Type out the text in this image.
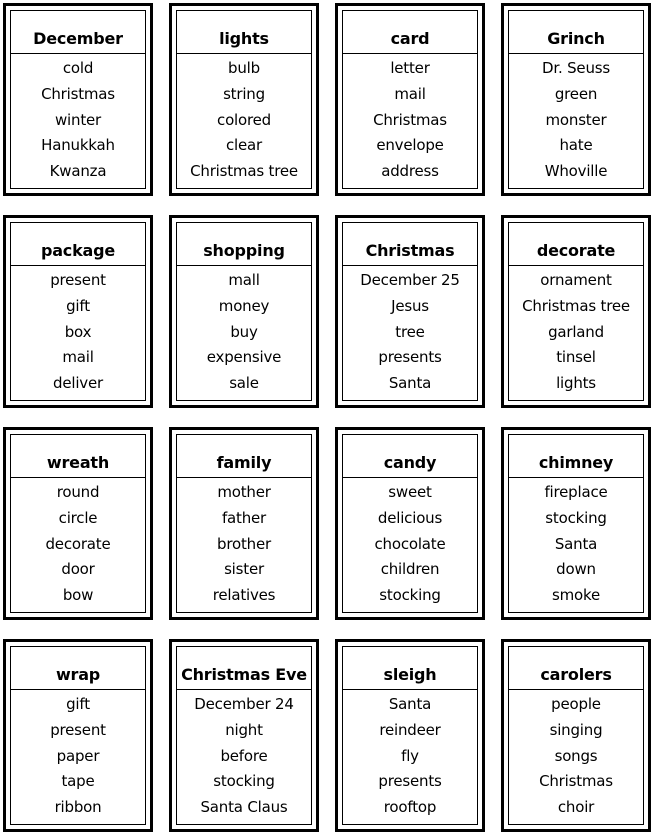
December
cold
Christmas
winter
Hanukkah
Kwanza
lights
bulb
string
colored
clear
Christmas tree
card
letter
mail
Christmas
envelope
address
Grinch
Dr. Seuss
green
monster
hate
Whoville
package
present
gift
box
mail
deliver
shopping
mall
money
buy
expensive
sale
Christmas
December 25
Jesus
tree
presents
Santa
decorate
ornament
Christmas tree
garland
tinsel
lights
wreath
round
circle
decorate
door
bow
family
mother
father
brother
sister
relatives
candy
sweet
delicious
chocolate
children
stocking
chimney
fireplace
stocking
Santa
down
smoke
wrap
gift
present
paper
tape
ribbon
Christmas Eve
December 24
night
before
stocking
Santa Claus
sleigh
Santa
reindeer
fly
presents
rooftop
carolers
people
singing
songs
Christmas
choir
